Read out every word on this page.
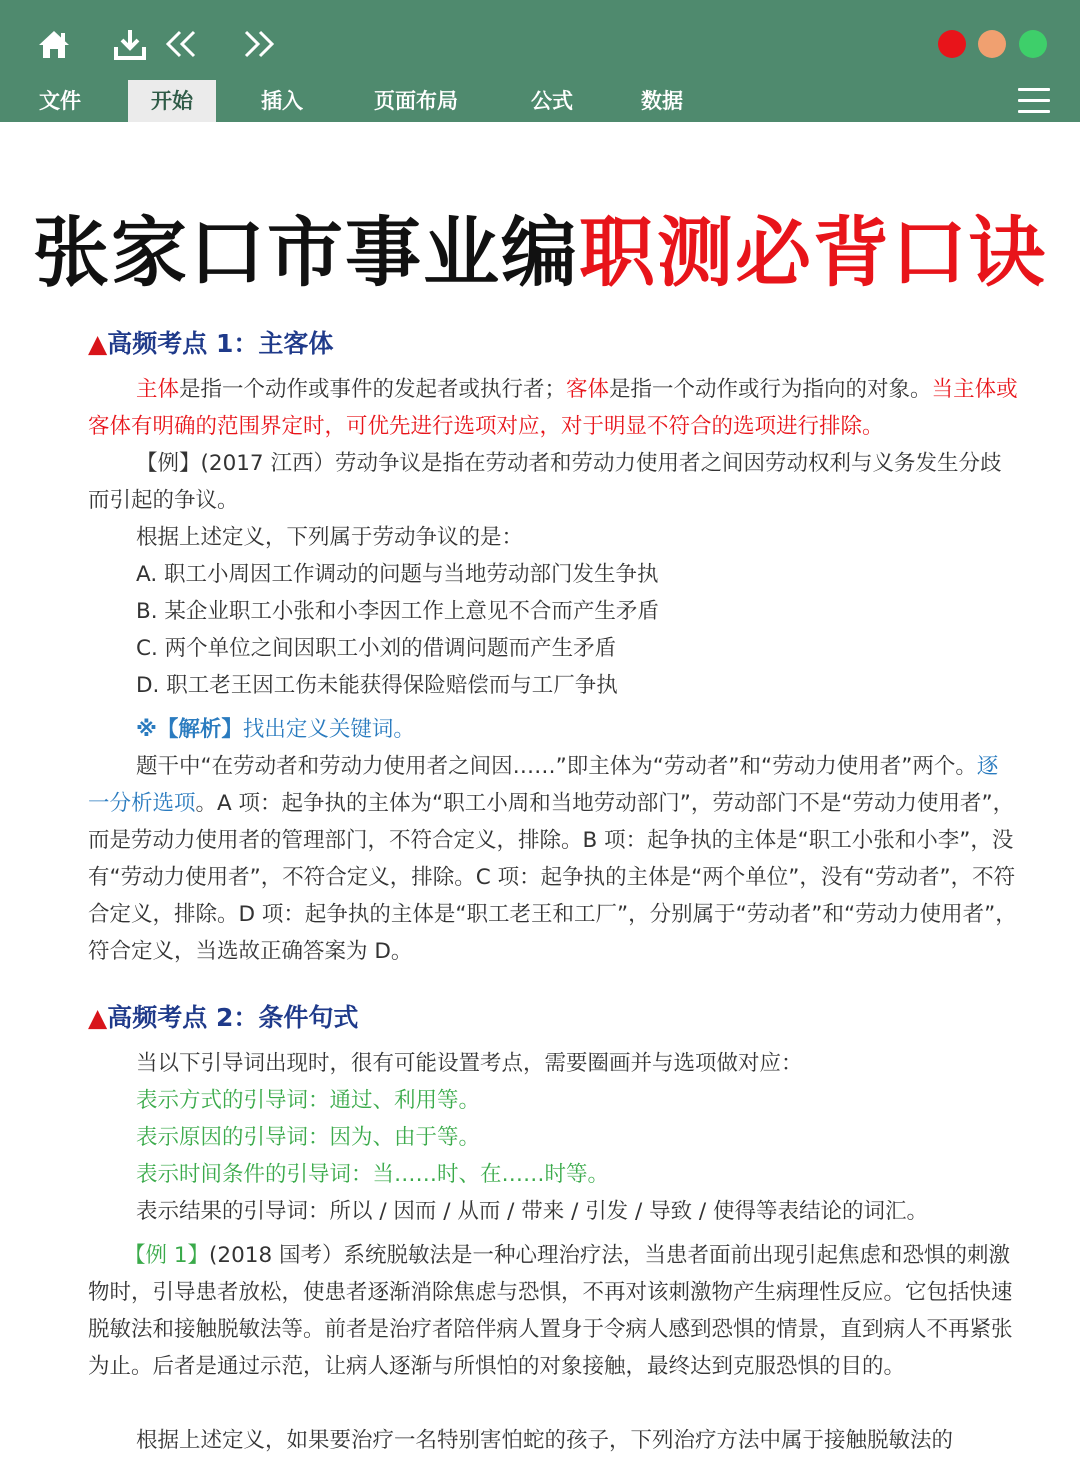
文件	开始	插入	页面布局	公式	数据
张家口市事业编职测必背口诀
▲高频考点 1：主客体
主体是指一个动作或事件的发起者或执行者；客体是指一个动作或行为指向的对象。当主体或客体有明确的范围界定时，可优先进行选项对应，对于明显不符合的选项进行排除。
【例】(2017 江西）劳动争议是指在劳动者和劳动力使用者之间因劳动权利与义务发生分歧而引起的争议。
根据上述定义，下列属于劳动争议的是：
A. 职工小周因工作调动的问题与当地劳动部门发生争执
B. 某企业职工小张和小李因工作上意见不合而产生矛盾
C. 两个单位之间因职工小刘的借调问题而产生矛盾
D. 职工老王因工伤未能获得保险赔偿而与工厂争执
※【解析】找出定义关键词。
题干中“在劳动者和劳动力使用者之间因……”即主体为“劳动者”和“劳动力使用者”两个。逐一分析选项。A 项：起争执的主体为“职工小周和当地劳动部门”，劳动部门不是“劳动力使用者”，而是劳动力使用者的管理部门，不符合定义，排除。B 项：起争执的主体是“职工小张和小李”，没有“劳动力使用者”，不符合定义，排除。C 项：起争执的主体是“两个单位”，没有“劳动者”，不符合定义，排除。D 项：起争执的主体是“职工老王和工厂”，分别属于“劳动者”和“劳动力使用者”，符合定义，当选故正确答案为 D。
▲高频考点 2：条件句式
当以下引导词出现时，很有可能设置考点，需要圈画并与选项做对应：
表示方式的引导词：通过、利用等。
表示原因的引导词：因为、由于等。
表示时间条件的引导词：当……时、在……时等。
表示结果的引导词：所以 / 因而 / 从而 / 带来 / 引发 / 导致 / 使得等表结论的词汇。
【例 1】(2018 国考）系统脱敏法是一种心理治疗法，当患者面前出现引起焦虑和恐惧的刺激物时，引导患者放松，使患者逐渐消除焦虑与恐惧，不再对该刺激物产生病理性反应。它包括快速脱敏法和接触脱敏法等。前者是治疗者陪伴病人置身于令病人感到恐惧的情景，直到病人不再紧张为止。后者是通过示范，让病人逐渐与所惧怕的对象接触，最终达到克服恐惧的目的。
根据上述定义，如果要治疗一名特别害怕蛇的孩子，下列治疗方法中属于接触脱敏法的
